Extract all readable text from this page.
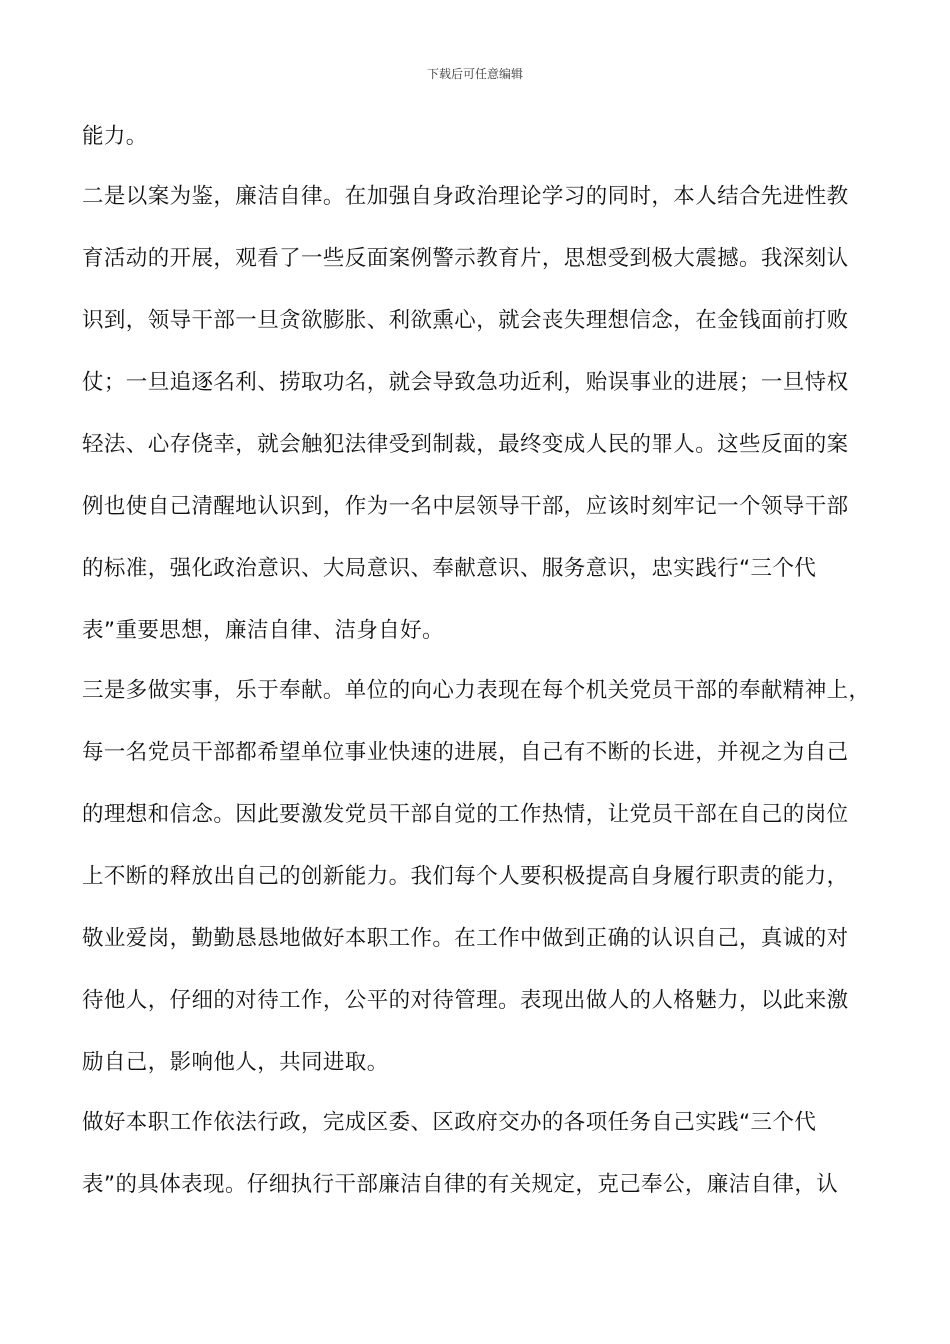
下载后可任意编辑
能力。
二是以案为鉴，廉洁自律。在加强自身政治理论学习的同时，本人结合先进性教
育活动的开展，观看了一些反面案例警示教育片，思想受到极大震撼。我深刻认
识到，领导干部一旦贪欲膨胀、利欲熏心，就会丧失理想信念，在金钱面前打败
仗；一旦追逐名利、捞取功名，就会导致急功近利，贻误事业的进展；一旦恃权
轻法、心存侥幸，就会触犯法律受到制裁，最终变成人民的罪人。这些反面的案
例也使自己清醒地认识到，作为一名中层领导干部，应该时刻牢记一个领导干部
的标准，强化政治意识、大局意识、奉献意识、服务意识，忠实践行“三个代
表”重要思想，廉洁自律、洁身自好。
三是多做实事，乐于奉献。单位的向心力表现在每个机关党员干部的奉献精神上，
每一名党员干部都希望单位事业快速的进展，自己有不断的长进，并视之为自己
的理想和信念。因此要激发党员干部自觉的工作热情，让党员干部在自己的岗位
上不断的释放出自己的创新能力。我们每个人要积极提高自身履行职责的能力，
敬业爱岗，勤勤恳恳地做好本职工作。在工作中做到正确的认识自己，真诚的对
待他人，仔细的对待工作，公平的对待管理。表现出做人的人格魅力，以此来激
励自己，影响他人，共同进取。
做好本职工作依法行政，完成区委、区政府交办的各项任务自己实践“三个代
表”的具体表现。仔细执行干部廉洁自律的有关规定，克己奉公，廉洁自律，认
